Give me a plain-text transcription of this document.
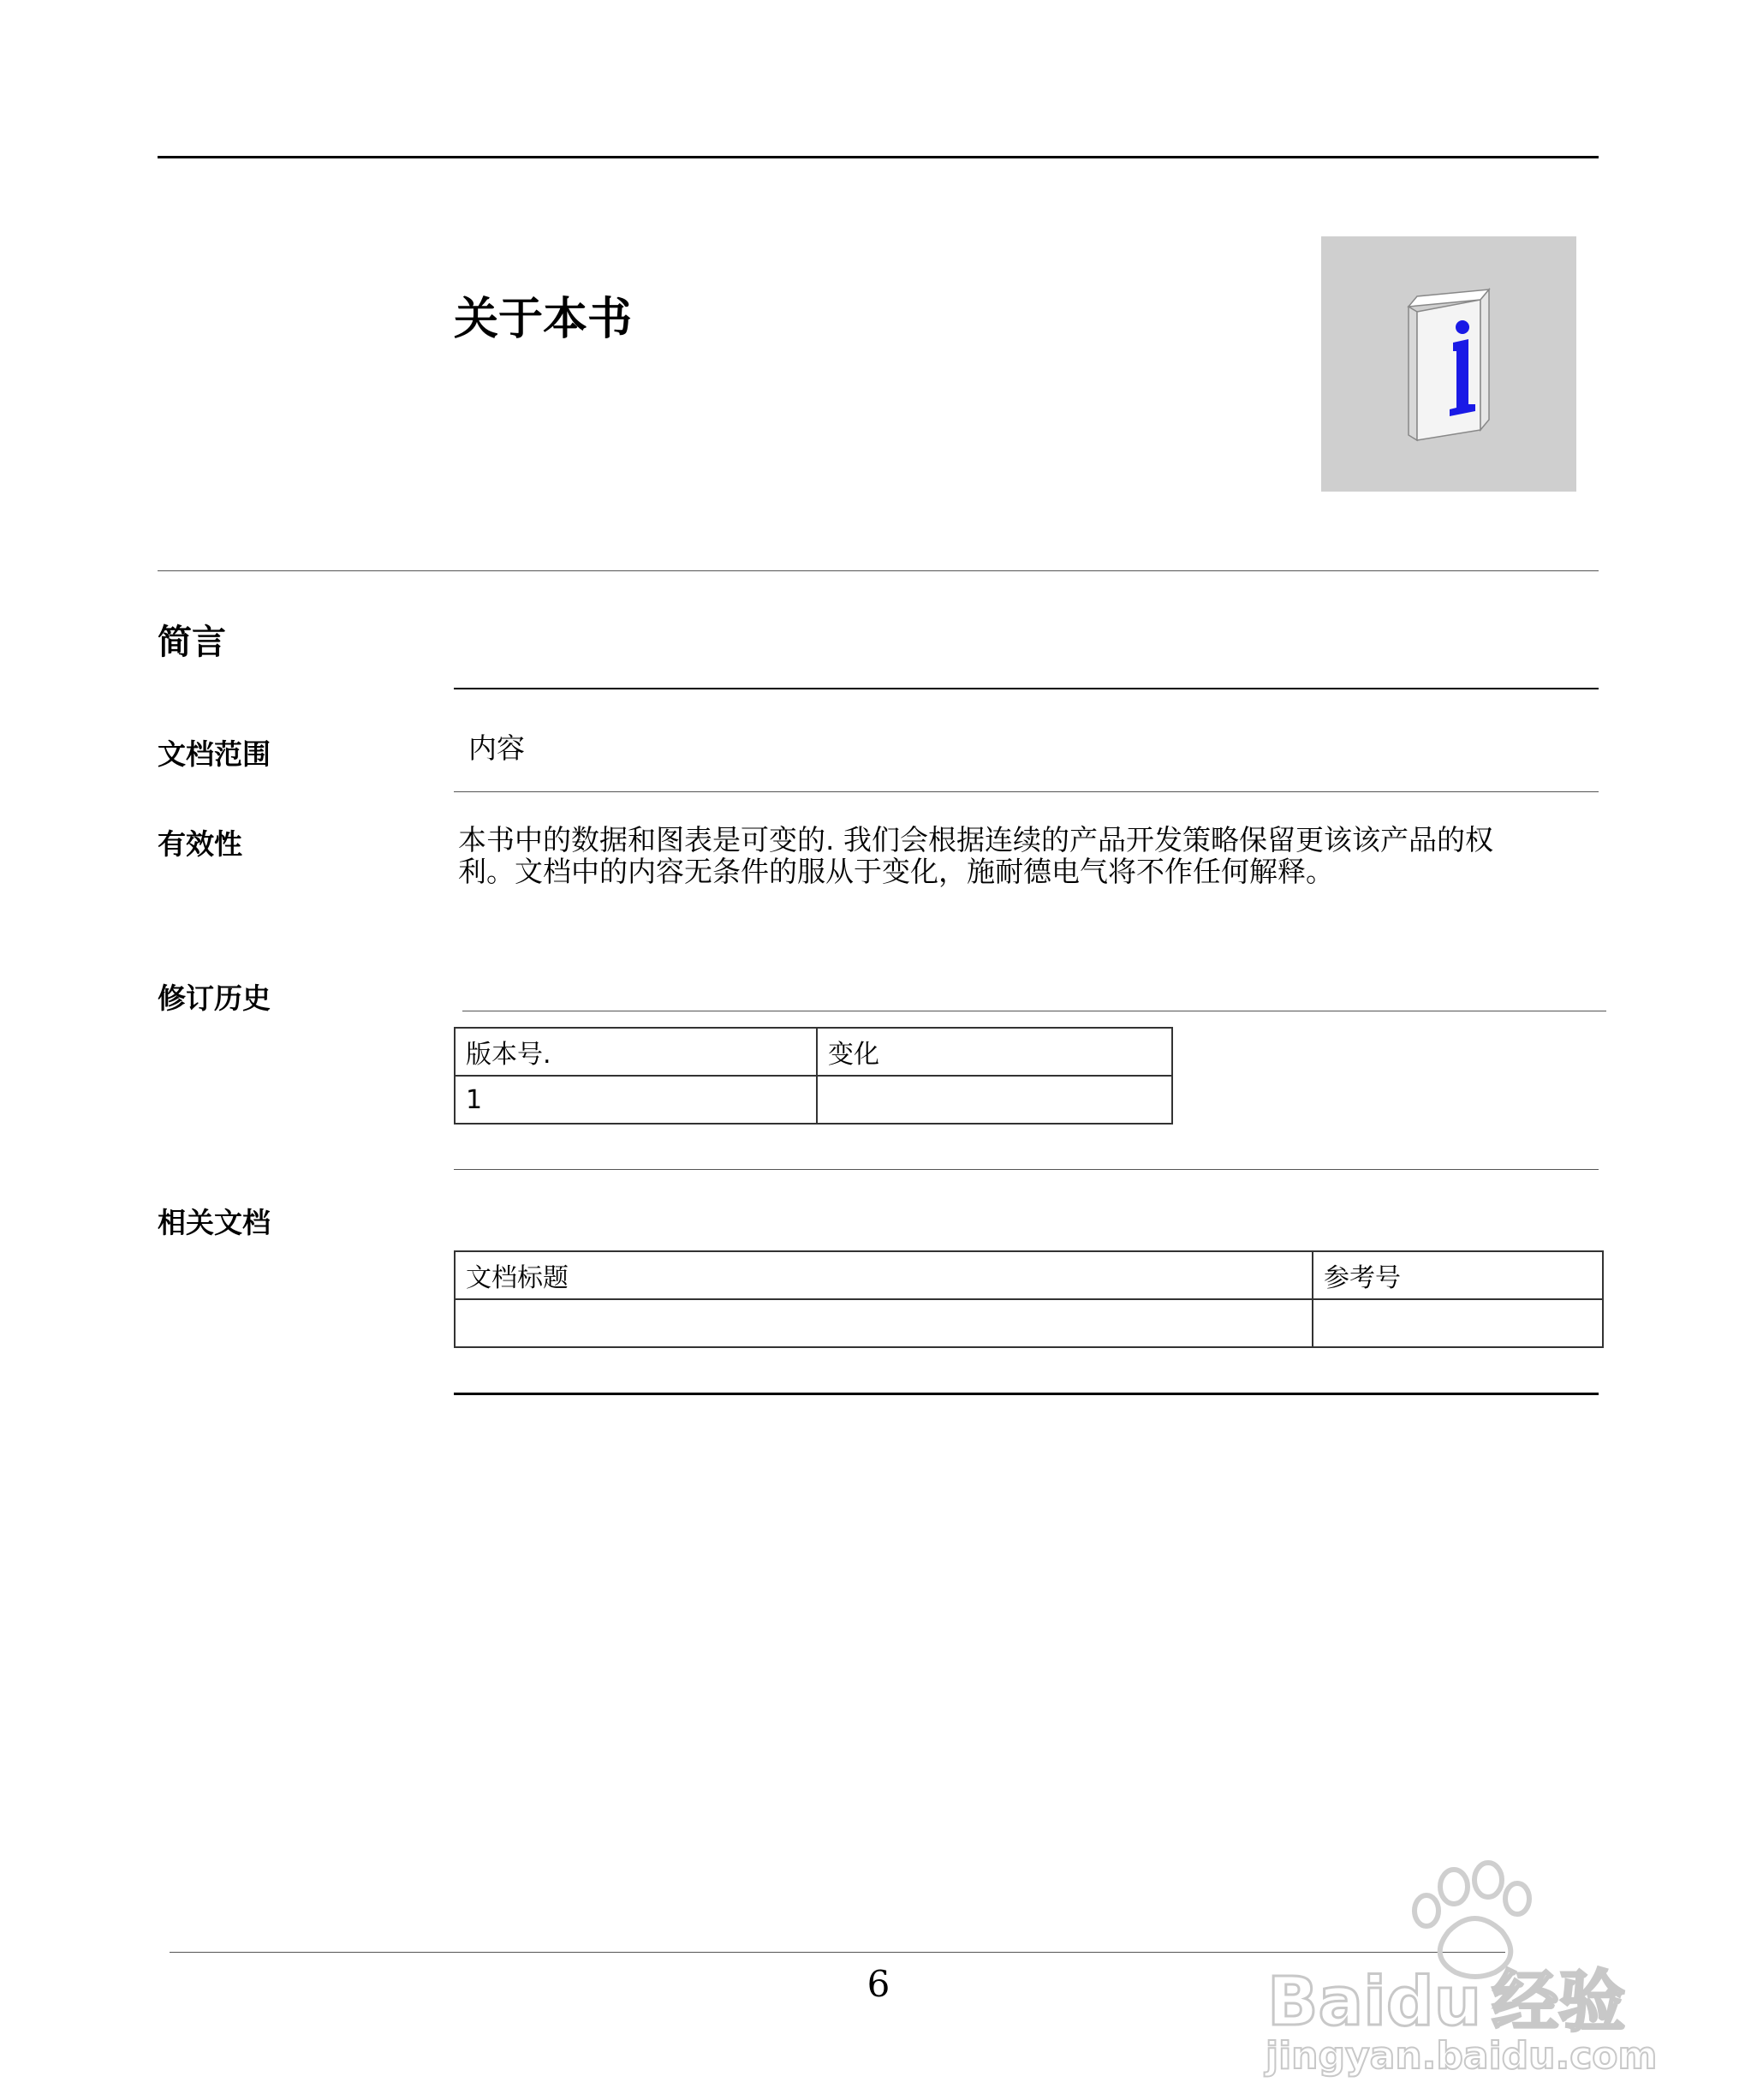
关于本书
简言
文档范围	内容
有效性	本书中的数据和图表是可变的. 我们会根据连续的产品开发策略保留更该该产品的权
利。文档中的内容无条件的服从于变化，施耐德电气将不作任何解释。
修订历史
版本号.	变化
1	
相关文档
文档标题	参考号

6	Baidu 经验
jingyan.baidu.com
